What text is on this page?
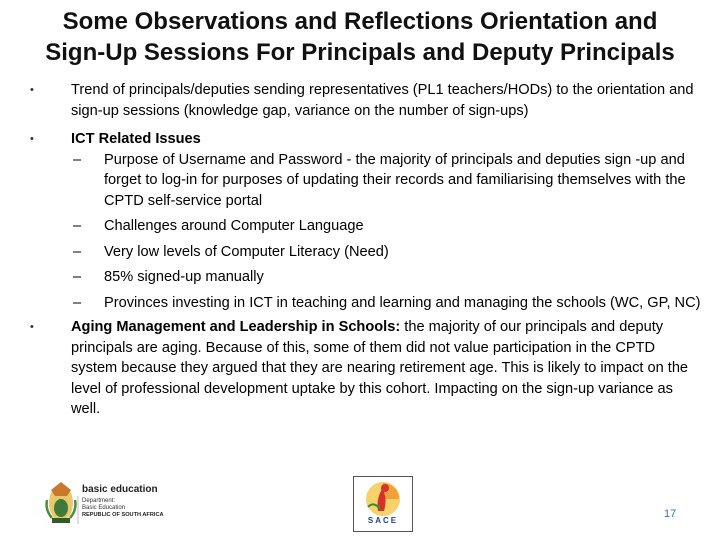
Some Observations and Reflections Orientation and
Sign-Up Sessions For Principals and Deputy Principals
•	Trend of principals/deputies sending representatives (PL1 teachers/HODs) to the orientation and sign-up sessions (knowledge gap, variance on the number of sign-ups)
•	ICT Related Issues
– Purpose of Username and Password - the majority of principals and deputies sign -up and forget to log-in for purposes of updating their records and familiarising themselves with the CPTD self-service portal
– Challenges around Computer Language
– Very low levels of Computer Literacy (Need)
– 85% signed-up manually
– Provinces investing in ICT in teaching and learning and managing the schools (WC, GP, NC)
•	Aging Management and Leadership in Schools: the majority of our principals and deputy principals are aging. Because of this, some of them did not value participation in the CPTD system because they argued that they are nearing retirement age. This is likely to impact on the level of professional development uptake by this cohort. Impacting on the sign-up variance as well.
basic education
Department:
Basic Education
REPUBLIC OF SOUTH AFRICA
SACE
17
